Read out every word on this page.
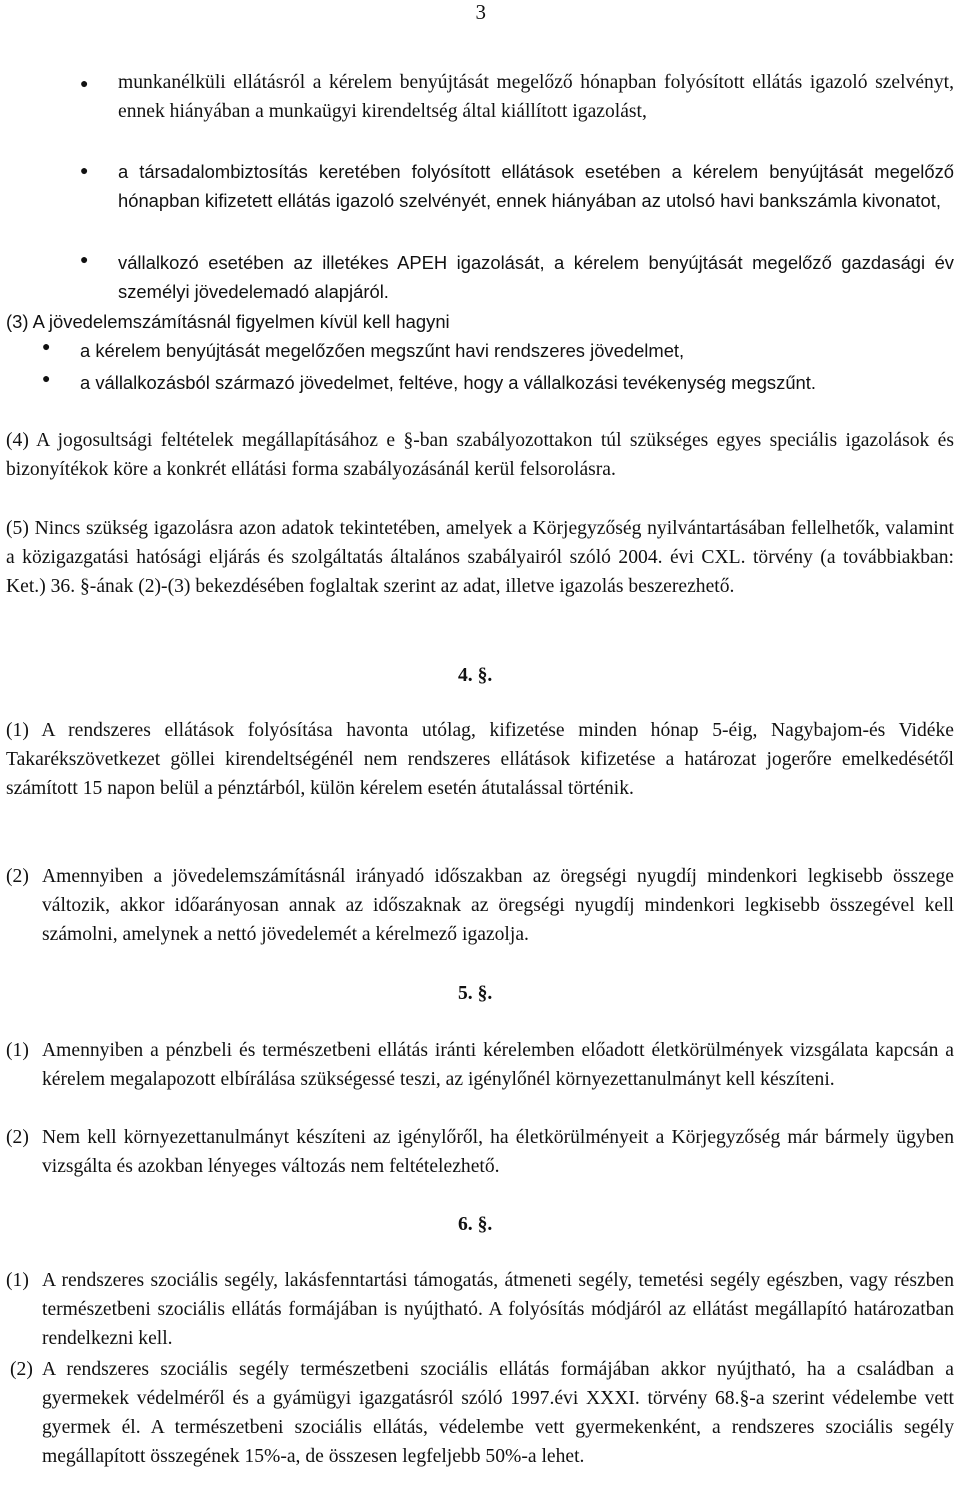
3
● munkanélküli ellátásról a kérelem benyújtását megelőző hónapban folyósított ellátás igazoló szelvényt, ennek hiányában a munkaügyi kirendeltség által kiállított igazolást,
● a társadalombiztosítás keretében folyósított ellátások esetében a kérelem benyújtását megelőző hónapban kifizetett ellátás igazoló szelvényét, ennek hiányában az utolsó havi bankszámla kivonatot,
● vállalkozó esetében az illetékes APEH igazolását, a kérelem benyújtását megelőző gazdasági év személyi jövedelemadó alapjáról.
(3) A jövedelemszámításnál figyelmen kívül kell hagyni
● a kérelem benyújtását megelőzően megszűnt havi rendszeres jövedelmet,
● a vállalkozásból származó jövedelmet, feltéve, hogy a vállalkozási tevékenység megszűnt.
(4) A jogosultsági feltételek megállapításához e §-ban szabályozottakon túl szükséges egyes speciális igazolások és bizonyítékok köre a konkrét ellátási forma szabályozásánál kerül felsorolásra.
(5) Nincs szükség igazolásra azon adatok tekintetében, amelyek a Körjegyzőség nyilvántartásában fellelhetők, valamint a közigazgatási hatósági eljárás és szolgáltatás általános szabályairól szóló 2004. évi CXL. törvény (a továbbiakban: Ket.) 36. §-ának (2)-(3) bekezdésében foglaltak szerint az adat, illetve igazolás beszerezhető.
4. §.
(1) A rendszeres ellátások folyósítása havonta utólag, kifizetése minden hónap 5-éig, Nagybajom-és Vidéke Takarékszövetkezet göllei kirendeltségénél nem rendszeres ellátások kifizetése a határozat jogerőre emelkedésétől számított 15 napon belül a pénztárból, külön kérelem esetén átutalással történik.
(2) Amennyiben a jövedelemszámításnál irányadó időszakban az öregségi nyugdíj mindenkori legkisebb összege változik, akkor időarányosan annak az időszaknak az öregségi nyugdíj mindenkori legkisebb összegével kell számolni, amelynek a nettó jövedelemét a kérelmező igazolja.
5. §.
(1) Amennyiben a pénzbeli és természetbeni ellátás iránti kérelemben előadott életkörülmények vizsgálata kapcsán a kérelem megalapozott elbírálása szükségessé teszi, az igénylőnél környezettanulmányt kell készíteni.
(2) Nem kell környezettanulmányt készíteni az igénylőről, ha életkörülményeit a Körjegyzőség már bármely ügyben vizsgálta és azokban lényeges változás nem feltételezhető.
6. §.
(1) A rendszeres szociális segély, lakásfenntartási támogatás, átmeneti segély, temetési segély egészben, vagy részben természetbeni szociális ellátás formájában is nyújtható. A folyósítás módjáról az ellátást megállapító határozatban rendelkezni kell.
(2) A rendszeres szociális segély természetbeni szociális ellátás formájában akkor nyújtható, ha a családban a gyermekek védelméről és a gyámügyi igazgatásról szóló 1997.évi XXXI. törvény 68.§-a szerint védelembe vett gyermek él. A természetbeni szociális ellátás, védelembe vett gyermekenként, a rendszeres szociális segély megállapított összegének 15%-a, de összesen legfeljebb 50%-a lehet.
